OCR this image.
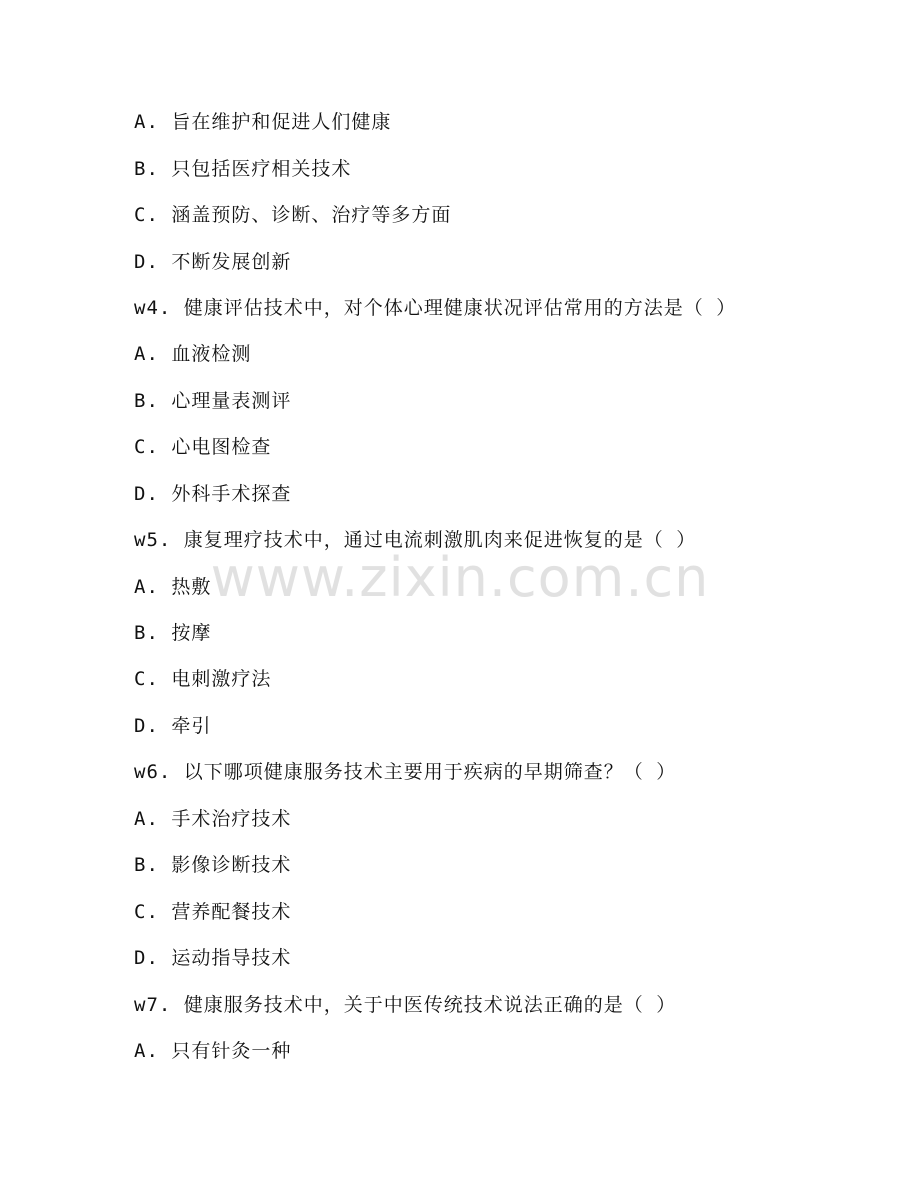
A. 旨在维护和促进人们健康
B. 只包括医疗相关技术
C. 涵盖预防、诊断、治疗等多方面
D. 不断发展创新
w4. 健康评估技术中，对个体心理健康状况评估常用的方法是（ ）
A. 血液检测
B. 心理量表测评
C. 心电图检查
D. 外科手术探查
w5. 康复理疗技术中，通过电流刺激肌肉来促进恢复的是（ ）
A. 热敷
B. 按摩
C. 电刺激疗法
D. 牵引
w6. 以下哪项健康服务技术主要用于疾病的早期筛查？（ ）
A. 手术治疗技术
B. 影像诊断技术
C. 营养配餐技术
D. 运动指导技术
w7. 健康服务技术中，关于中医传统技术说法正确的是（ ）
A. 只有针灸一种
www.zixin.com.cn
